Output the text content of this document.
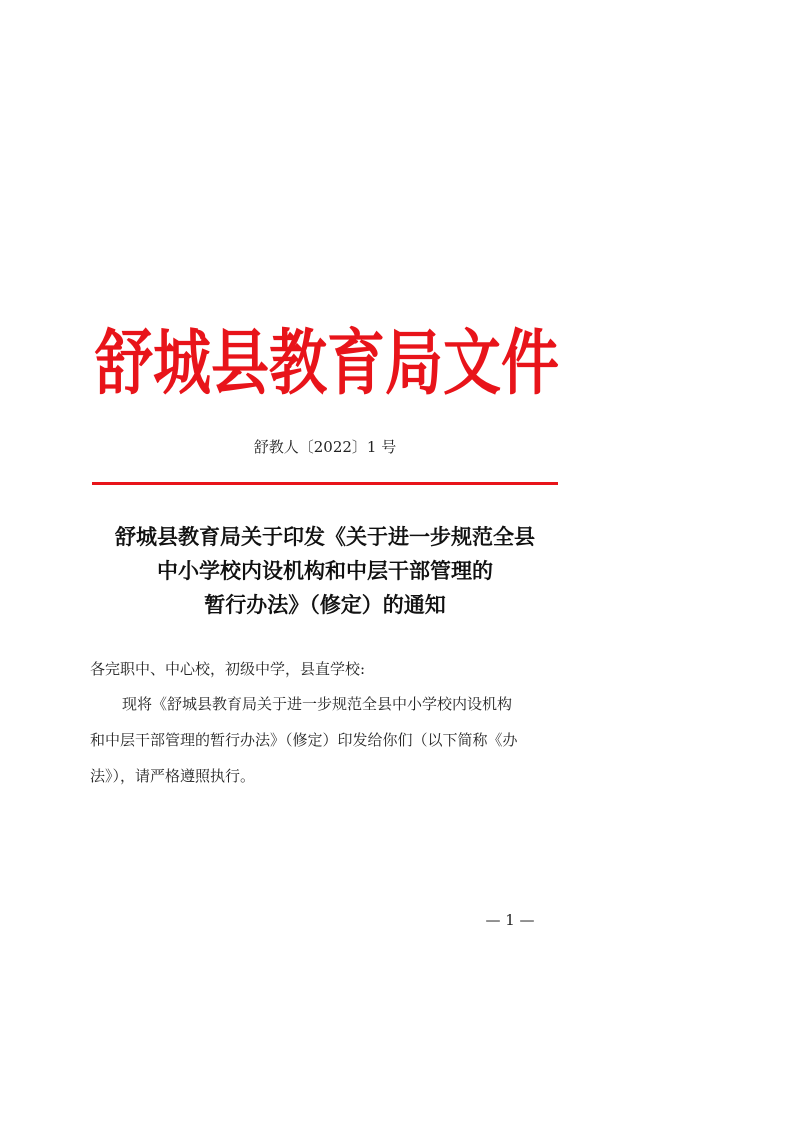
舒城县教育局文件
舒教人〔2022〕1 号
舒城县教育局关于印发《关于进一步规范全县
中小学校内设机构和中层干部管理的
暂行办法》（修定）的通知
各完职中、中心校，初级中学，县直学校:
现将《舒城县教育局关于进一步规范全县中小学校内设机构
和中层干部管理的暂行办法》（修定）印发给你们（以下简称《办
法》），请严格遵照执行。
— 1 —
